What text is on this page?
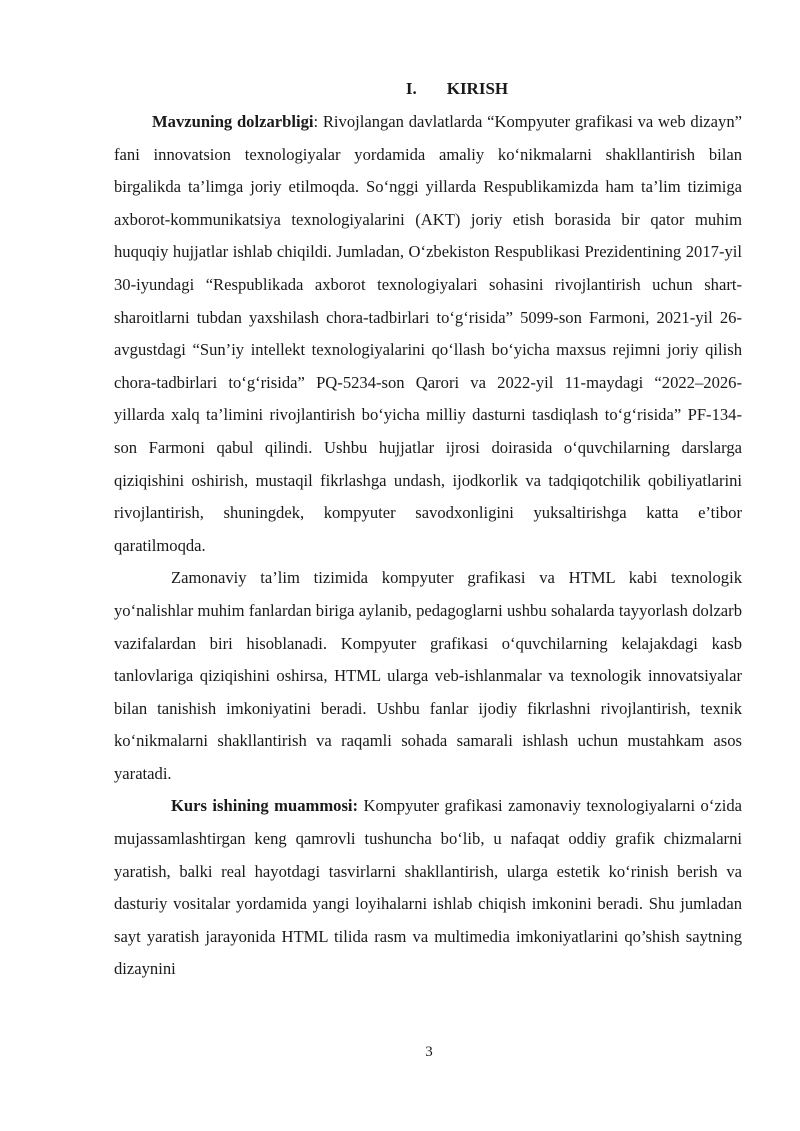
I. KIRISH

Mavzuning dolzarbligi: Rivojlangan davlatlarda “Kompyuter grafikasi va web dizayn” fani innovatsion texnologiyalar yordamida amaliy ko‘nikmalarni shakllantirish bilan birgalikda ta’limga joriy etilmoqda. So‘nggi yillarda Respublikamizda ham ta’lim tizimiga axborot-kommunikatsiya texnologiyalarini (AKT) joriy etish borasida bir qator muhim huquqiy hujjatlar ishlab chiqildi. Jumladan, O‘zbekiston Respublikasi Prezidentining 2017-yil 30-iyundagi “Respublikada axborot texnologiyalari sohasini rivojlantirish uchun shart-sharoitlarni tubdan yaxshilash chora-tadbirlari to‘g‘risida” 5099-son Farmoni, 2021-yil 26-avgustdagi “Sun’iy intellekt texnologiyalarini qo‘llash bo‘yicha maxsus rejimni joriy qilish chora-tadbirlari to‘g‘risida” PQ-5234-son Qarori va 2022-yil 11-maydagi “2022–2026-yillarda xalq ta’limini rivojlantirish bo‘yicha milliy dasturni tasdiqlash to‘g‘risida” PF-134-son Farmoni qabul qilindi. Ushbu hujjatlar ijrosi doirasida o‘quvchilarning darslarga qiziqishini oshirish, mustaqil fikrlashga undash, ijodkorlik va tadqiqotchilik qobiliyatlarini rivojlantirish, shuningdek, kompyuter savodxonligini yuksaltirishga katta e’tibor qaratilmoqda.

Zamonaviy ta’lim tizimida kompyuter grafikasi va HTML kabi texnologik yo‘nalishlar muhim fanlardan biriga aylanib, pedagoglarni ushbu sohalarda tayyorlash dolzarb vazifalardan biri hisoblanadi. Kompyuter grafikasi o‘quvchilarning kelajakdagi kasb tanlovlariga qiziqishini oshirsa, HTML ularga veb-ishlanmalar va texnologik innovatsiyalar bilan tanishish imkoniyatini beradi. Ushbu fanlar ijodiy fikrlashni rivojlantirish, texnik ko‘nikmalarni shakllantirish va raqamli sohada samarali ishlash uchun mustahkam asos yaratadi.

Kurs ishining muammosi: Kompyuter grafikasi zamonaviy texnologiyalarni o‘zida mujassamlashtirgan keng qamrovli tushuncha bo‘lib, u nafaqat oddiy grafik chizmalarni yaratish, balki real hayotdagi tasvirlarni shakllantirish, ularga estetik ko‘rinish berish va dasturiy vositalar yordamida yangi loyihalarni ishlab chiqish imkonini beradi. Shu jumladan sayt yaratish jarayonida HTML tilida rasm va multimedia imkoniyatlarini qo’shish saytning dizaynini

3
